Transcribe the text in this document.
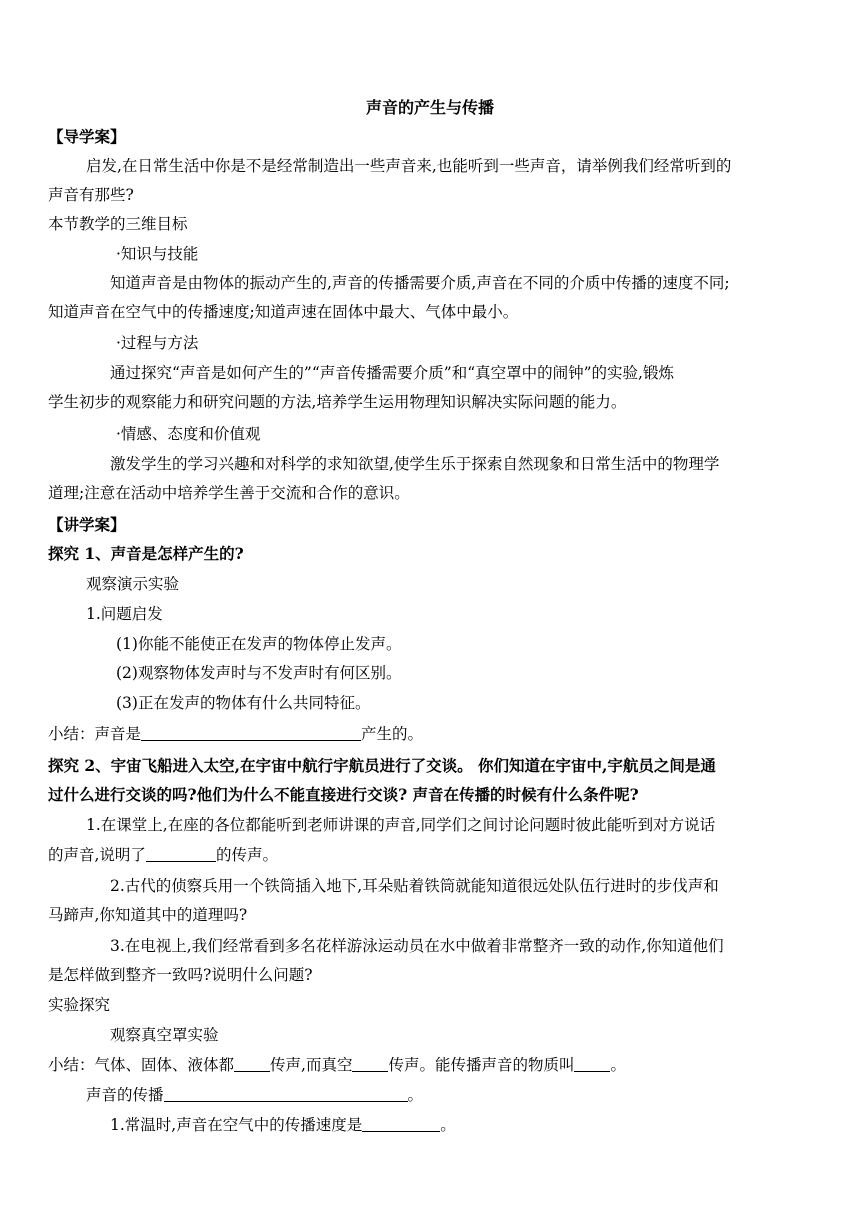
声音的产生与传播
【导学案】
启发,在日常生活中你是不是经常制造出一些声音来,也能听到一些声音，请举例我们经常听到的
声音有那些?
本节教学的三维目标
·知识与技能
知道声音是由物体的振动产生的,声音的传播需要介质,声音在不同的介质中传播的速度不同;
知道声音在空气中的传播速度;知道声速在固体中最大、气体中最小。
·过程与方法
通过探究“声音是如何产生的”“声音传播需要介质”和“真空罩中的闹钟”的实验,锻炼
学生初步的观察能力和研究问题的方法,培养学生运用物理知识解决实际问题的能力。
·情感、态度和价值观
激发学生的学习兴趣和对科学的求知欲望,使学生乐于探索自然现象和日常生活中的物理学
道理;注意在活动中培养学生善于交流和合作的意识。
【讲学案】
探究 1、声音是怎样产生的?
观察演示实验
1.问题启发
(1)你能不能使正在发声的物体停止发声。
(2)观察物体发声时与不发声时有何区别。
(3)正在发声的物体有什么共同特征。
小结：声音是	产生的。
探究 2、宇宙飞船进入太空,在宇宙中航行宇航员进行了交谈。 你们知道在宇宙中,宇航员之间是通
过什么进行交谈的吗?他们为什么不能直接进行交谈? 声音在传播的时候有什么条件呢?
1.在课堂上,在座的各位都能听到老师讲课的声音,同学们之间讨论问题时彼此能听到对方说话
的声音,说明了	的传声。
2.古代的侦察兵用一个铁筒插入地下,耳朵贴着铁筒就能知道很远处队伍行进时的步伐声和
马蹄声,你知道其中的道理吗?
3.在电视上,我们经常看到多名花样游泳运动员在水中做着非常整齐一致的动作,你知道他们
是怎样做到整齐一致吗?说明什么问题?
实验探究
观察真空罩实验
小结：气体、固体、液体都 传声,而真空 传声。能传播声音的物质叫 。
声音的传播	。
1.常温时,声音在空气中的传播速度是	。
